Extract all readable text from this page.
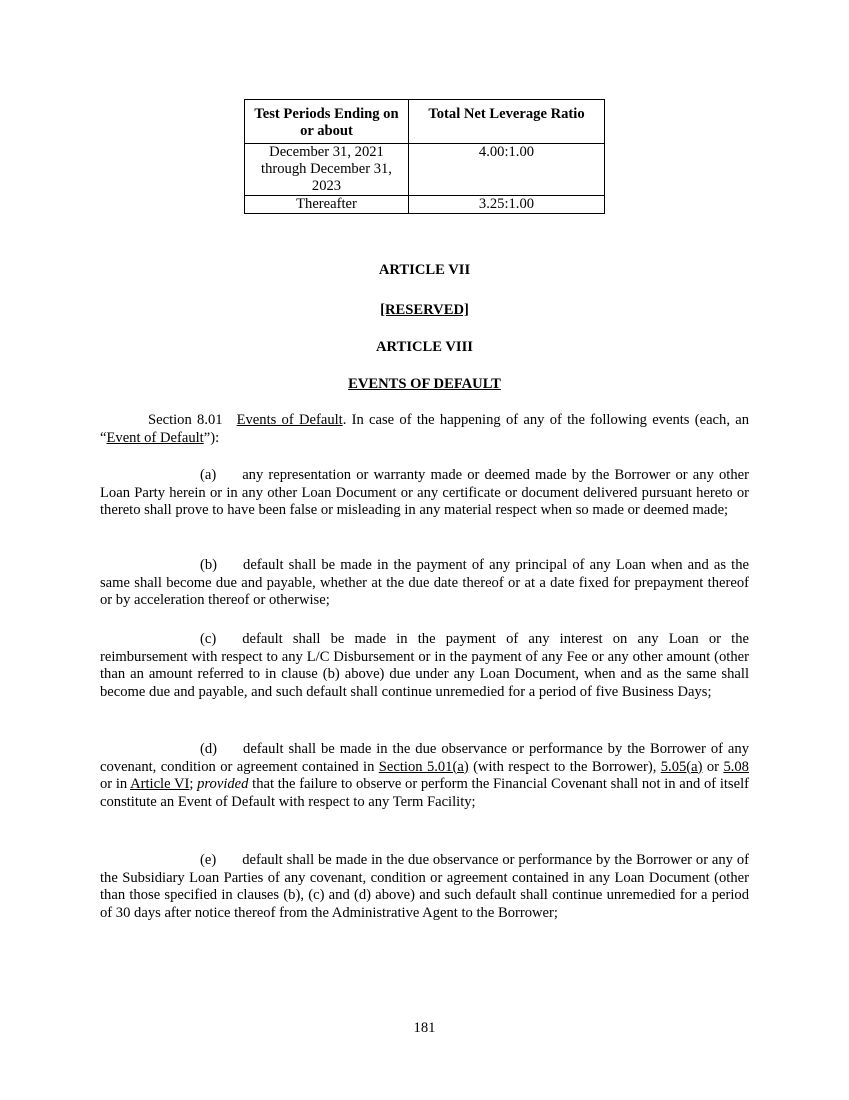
Test Periods Ending on or about	Total Net Leverage Ratio
December 31, 2021 through December 31, 2023	4.00:1.00
Thereafter	3.25:1.00
ARTICLE VII
[RESERVED]
ARTICLE VIII
EVENTS OF DEFAULT

Section 8.01 Events of Default. In case of the happening of any of the following events (each, an “Event of Default”):

(a) any representation or warranty made or deemed made by the Borrower or any other Loan Party herein or in any other Loan Document or any certificate or document delivered pursuant hereto or thereto shall prove to have been false or misleading in any material respect when so made or deemed made;

(b) default shall be made in the payment of any principal of any Loan when and as the same shall become due and payable, whether at the due date thereof or at a date fixed for prepayment thereof or by acceleration thereof or otherwise;

(c) default shall be made in the payment of any interest on any Loan or the reimbursement with respect to any L/C Disbursement or in the payment of any Fee or any other amount (other than an amount referred to in clause (b) above) due under any Loan Document, when and as the same shall become due and payable, and such default shall continue unremedied for a period of five Business Days;

(d) default shall be made in the due observance or performance by the Borrower of any covenant, condition or agreement contained in Section 5.01(a) (with respect to the Borrower), 5.05(a) or 5.08 or in Article VI; provided that the failure to observe or perform the Financial Covenant shall not in and of itself constitute an Event of Default with respect to any Term Facility;

(e) default shall be made in the due observance or performance by the Borrower or any of the Subsidiary Loan Parties of any covenant, condition or agreement contained in any Loan Document (other than those specified in clauses (b), (c) and (d) above) and such default shall continue unremedied for a period of 30 days after notice thereof from the Administrative Agent to the Borrower;

181
